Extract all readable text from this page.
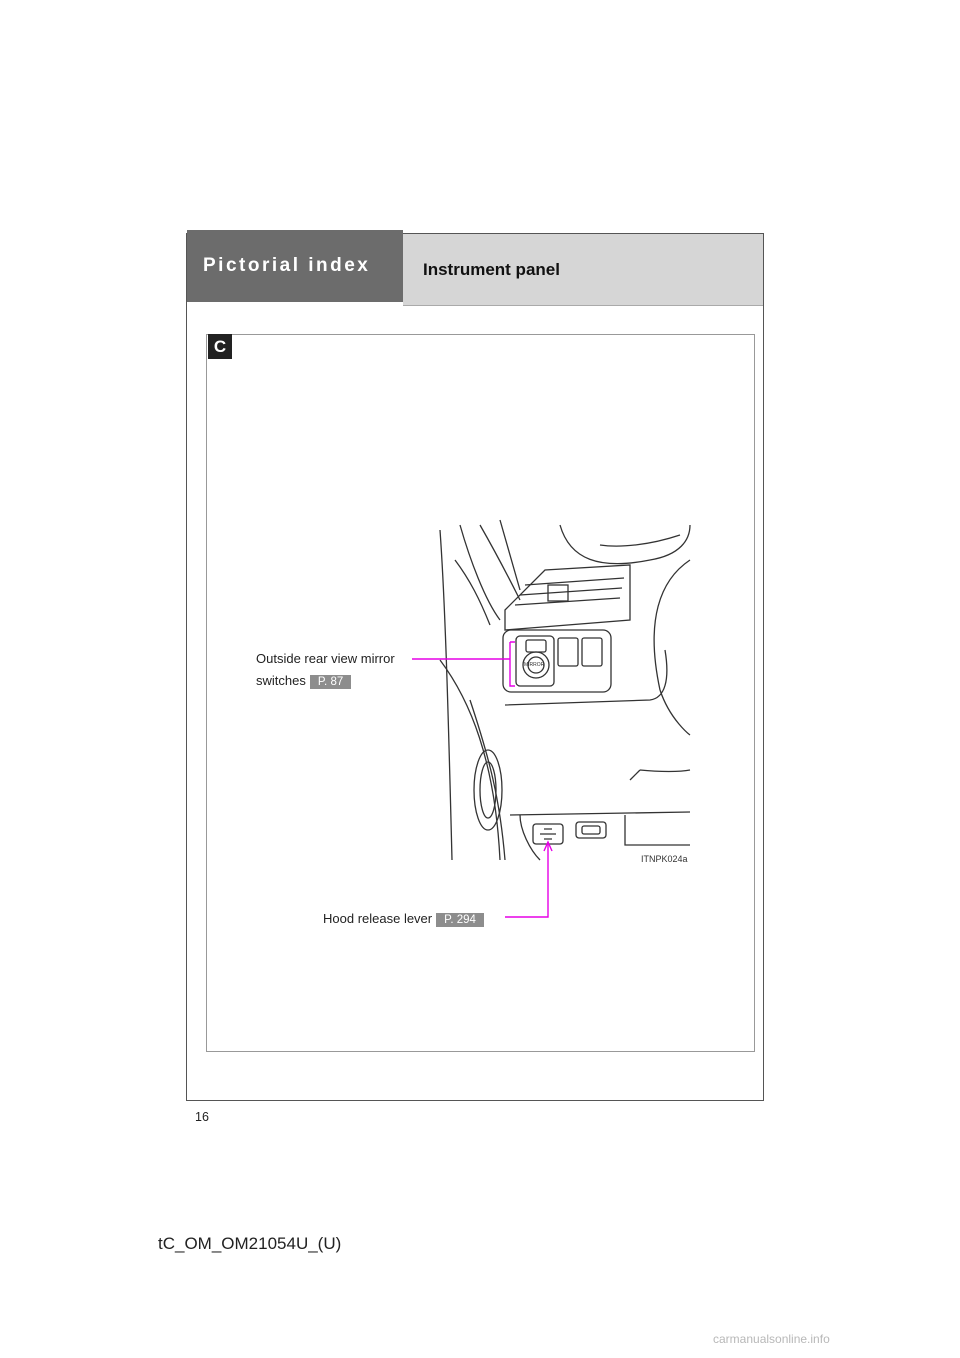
Pictorial index	Instrument panel
C
MIRROR
ITNPK024a
Outside rear view mirror
switches P. 87
Hood release lever P. 294
16
tC_OM_OM21054U_(U)
carmanualsonline.info
